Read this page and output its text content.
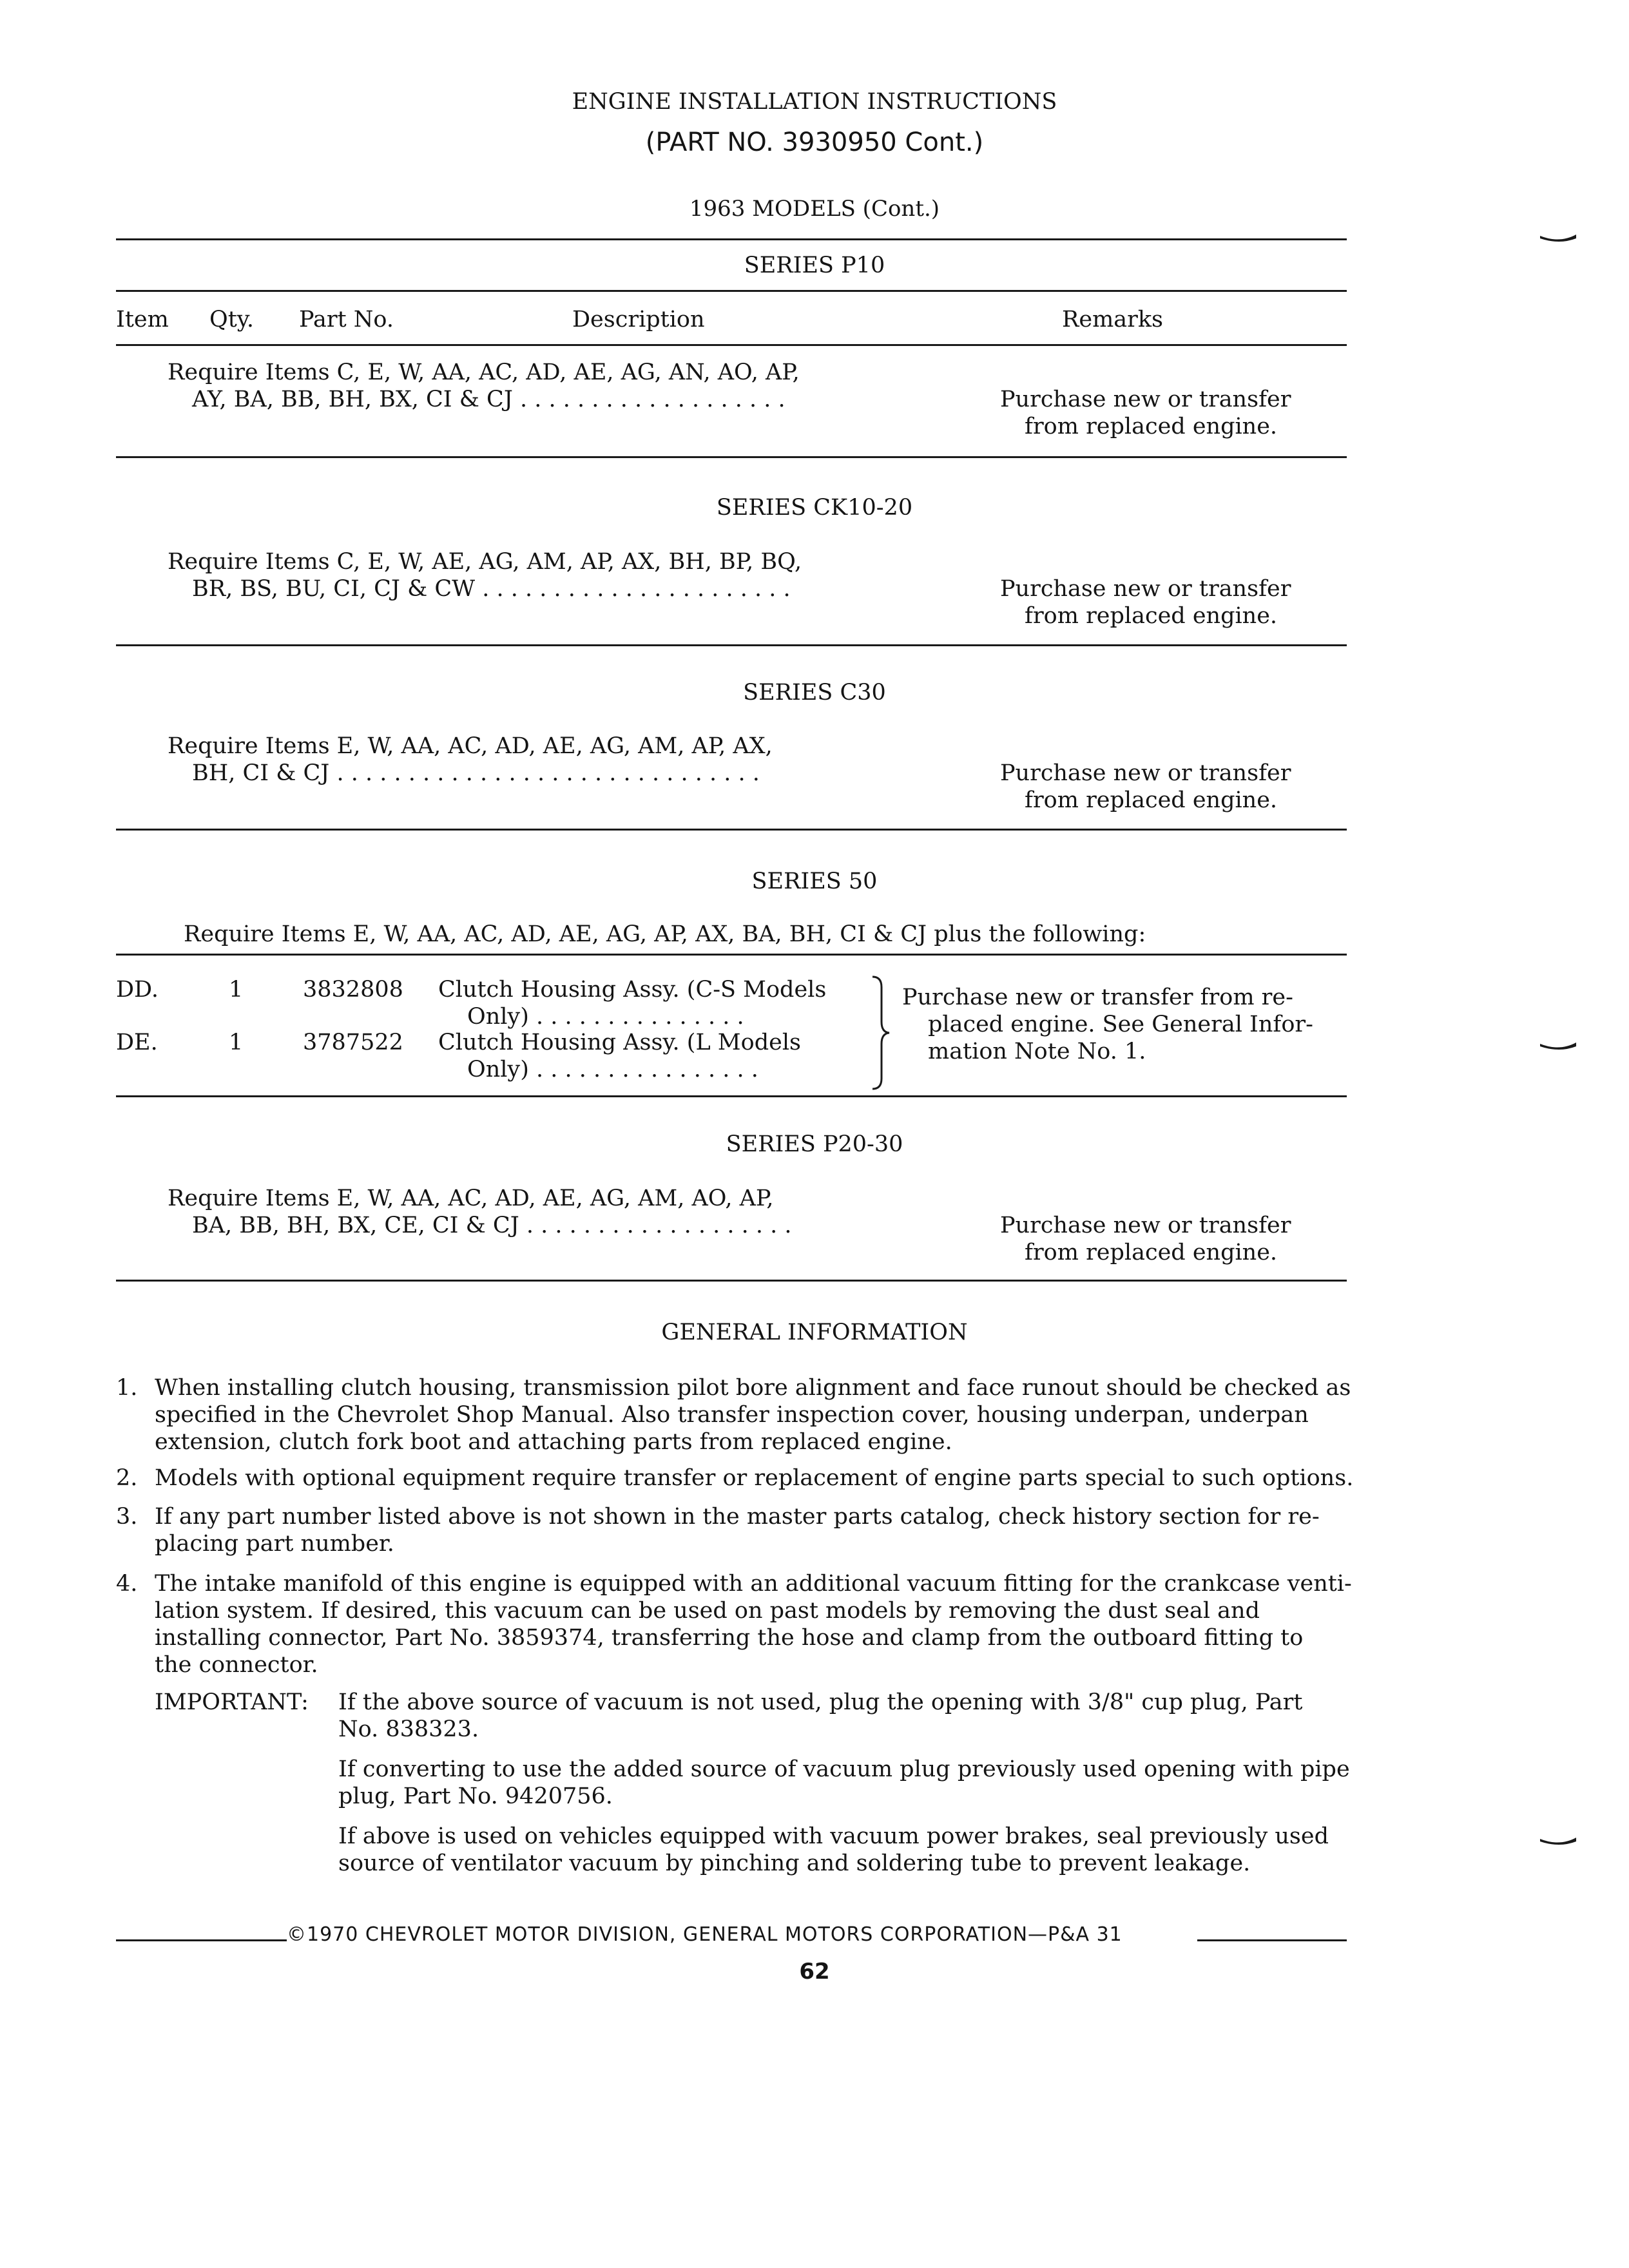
ENGINE INSTALLATION INSTRUCTIONS
(PART NO. 3930950 Cont.)
1963 MODELS (Cont.)
SERIES P10
Item Qty. Part No.	Description	Remarks
Require Items C, E, W, AA, AC, AD, AE, AG, AN, AO, AP,
AY, BA, BB, BH, BX, CI & CJ . . . . . . . . . . . . . . . . . . .	Purchase new or transfer
from replaced engine.
SERIES CK10-20
Require Items C, E, W, AE, AG, AM, AP, AX, BH, BP, BQ,
BR, BS, BU, CI, CJ & CW . . . . . . . . . . . . . . . . . . . . . .	Purchase new or transfer
from replaced engine.
SERIES C30
Require Items E, W, AA, AC, AD, AE, AG, AM, AP, AX,
BH, CI & CJ . . . . . . . . . . . . . . . . . . . . . . . . . . . . . .	Purchase new or transfer
from replaced engine.
SERIES 50
Require Items E, W, AA, AC, AD, AE, AG, AP, AX, BA, BH, CI & CJ plus the following:
DD.	1	3832808 Clutch Housing Assy. (C-S Models
Only) . . . . . . . . . . . . . . .
DE.	1	3787522 Clutch Housing Assy. (L Models
Only) . . . . . . . . . . . . . . . .
Purchase new or transfer from re-
placed engine. See General Infor-
mation Note No. 1.
SERIES P20-30
Require Items E, W, AA, AC, AD, AE, AG, AM, AO, AP,
BA, BB, BH, BX, CE, CI & CJ . . . . . . . . . . . . . . . . . . .	Purchase new or transfer
from replaced engine.
GENERAL INFORMATION
1. When installing clutch housing, transmission pilot bore alignment and face runout should be checked as
specified in the Chevrolet Shop Manual. Also transfer inspection cover, housing underpan, underpan
extension, clutch fork boot and attaching parts from replaced engine.
2. Models with optional equipment require transfer or replacement of engine parts special to such options.
3. If any part number listed above is not shown in the master parts catalog, check history section for re-
placing part number.
4. The intake manifold of this engine is equipped with an additional vacuum fitting for the crankcase venti-
lation system. If desired, this vacuum can be used on past models by removing the dust seal and
installing connector, Part No. 3859374, transferring the hose and clamp from the outboard fitting to
the connector.
IMPORTANT: If the above source of vacuum is not used, plug the opening with 3/8" cup plug, Part
No. 838323.
If converting to use the added source of vacuum plug previously used opening with pipe
plug, Part No. 9420756.
If above is used on vehicles equipped with vacuum power brakes, seal previously used
source of ventilator vacuum by pinching and soldering tube to prevent leakage.
©1970 CHEVROLET MOTOR DIVISION, GENERAL MOTORS CORPORATION—P&A 31
62
